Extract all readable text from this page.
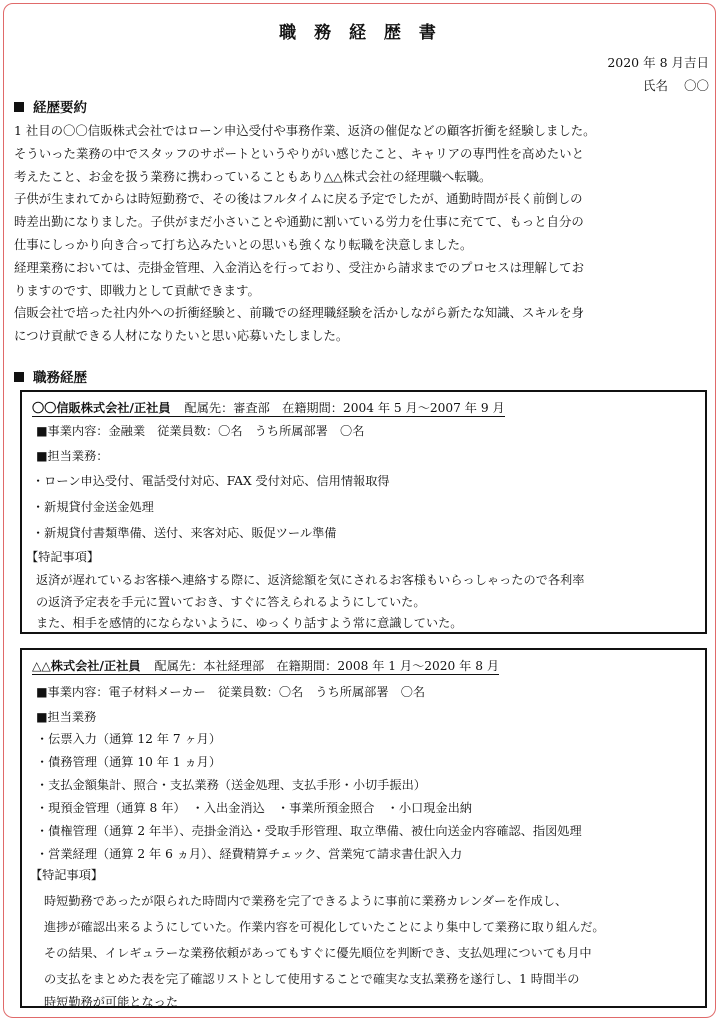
職 務 経 歴 書
2020 年 8 月吉日
氏名 〇〇
経歴要約
1 社目の〇〇信販株式会社ではローン申込受付や事務作業、返済の催促などの顧客折衝を経験しました。
そういった業務の中でスタッフのサポートというやりがい感じたこと、キャリアの専門性を高めたいと
考えたこと、お金を扱う業務に携わっていることもあり△△株式会社の経理職へ転職。
子供が生まれてからは時短勤務で、その後はフルタイムに戻る予定でしたが、通勤時間が長く前倒しの
時差出勤になりました。子供がまだ小さいことや通勤に割いている労力を仕事に充てて、もっと自分の
仕事にしっかり向き合って打ち込みたいとの思いも強くなり転職を決意しました。
経理業務においては、売掛金管理、入金消込を行っており、受注から請求までのプロセスは理解してお
りますのです、即戦力として貢献できます。
信販会社で培った社内外への折衝経験と、前職での経理職経験を活かしながら新たな知識、スキルを身
につけ貢献できる人材になりたいと思い応募いたしました。
職務経歴
〇〇信販株式会社/正社員 配属先：審査部　在籍期間：2004 年 5 月～2007 年 9 月
■事業内容：金融業　従業員数：〇名　うち所属部署　〇名
■担当業務：
・ローン申込受付、電話受付対応、FAX 受付対応、信用情報取得
・新規貸付金送金処理
・新規貸付書類準備、送付、来客対応、販促ツール準備
【特記事項】
返済が遅れているお客様へ連絡する際に、返済総額を気にされるお客様もいらっしゃったので各利率
の返済予定表を手元に置いておき、すぐに答えられるようにしていた。
また、相手を感情的にならないように、ゆっくり話すよう常に意識していた。
△△株式会社/正社員 配属先：本社経理部　在籍期間：2008 年 1 月～2020 年 8 月
■事業内容：電子材料メーカー　従業員数：〇名　うち所属部署　〇名
■担当業務
・伝票入力（通算 12 年 7 ヶ月）
・債務管理（通算 10 年 1 ヵ月）
・支払金額集計、照合・支払業務（送金処理、支払手形・小切手振出）
・現預金管理（通算 8 年）　・入出金消込　・事業所預金照合　・小口現金出納
・債権管理（通算 2 年半）、売掛金消込・受取手形管理、取立準備、被仕向送金内容確認、指図処理
・営業経理（通算 2 年 6 ヵ月）、経費精算チェック、営業宛て請求書仕訳入力
【特記事項】
時短勤務であったが限られた時間内で業務を完了できるように事前に業務カレンダーを作成し、
進捗が確認出来るようにしていた。作業内容を可視化していたことにより集中して業務に取り組んだ。
その結果、イレギュラーな業務依頼があってもすぐに優先順位を判断でき、支払処理についても月中
の支払をまとめた表を完了確認リストとして使用することで確実な支払業務を遂行し、1 時間半の
時短勤務が可能となった
